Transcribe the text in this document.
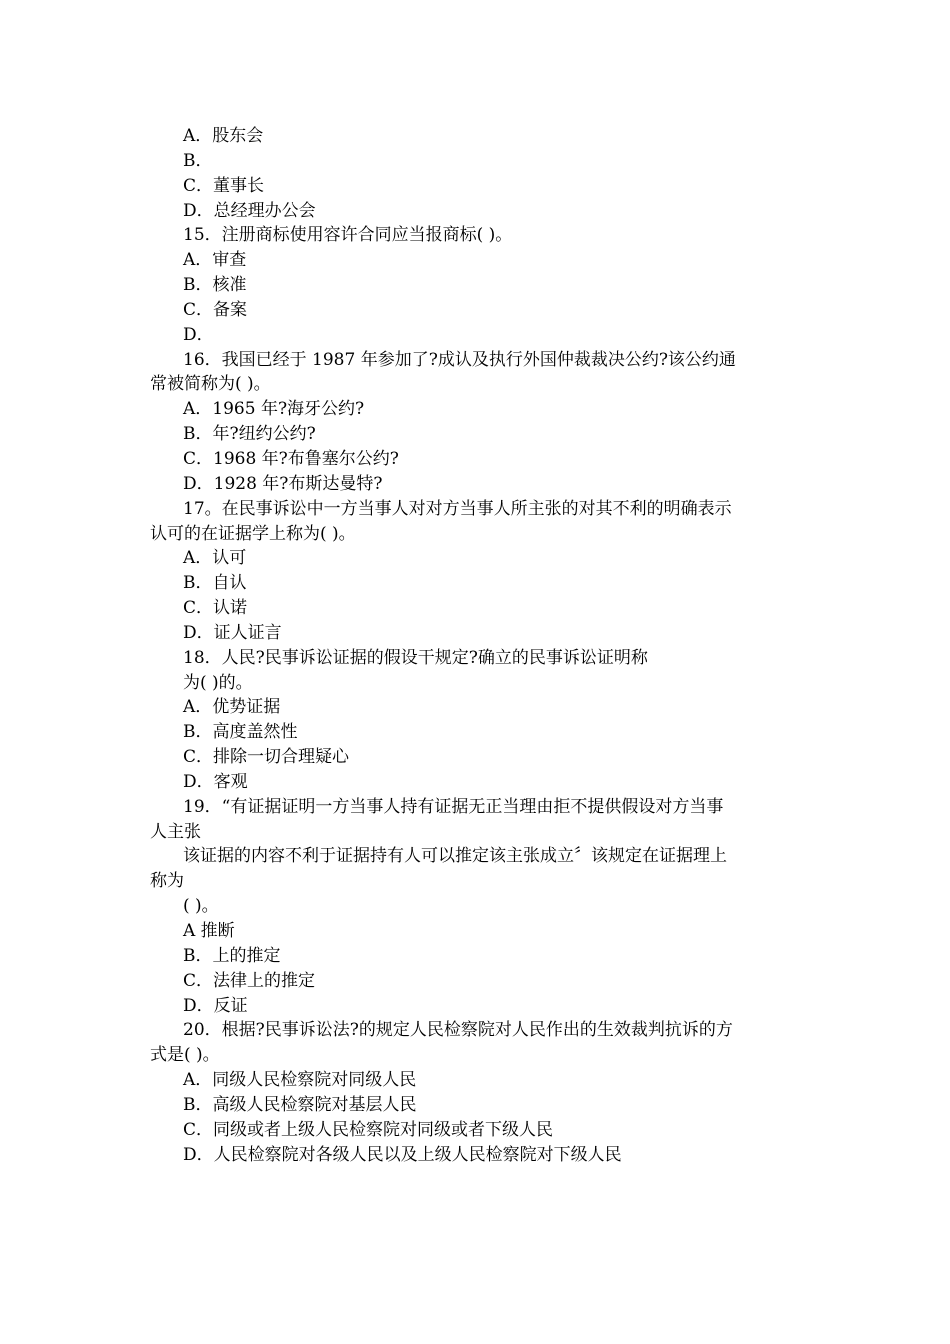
A．股东会

B．

C．董事长

D．总经理办公会

15．注册商标使用容许合同应当报商标( )。

A．审查

B．核准

C．备案

D．

16．我国已经于 1987 年参加了?成认及执行外国仲裁裁决公约?该公约通

常被简称为( )。

A．1965 年?海牙公约?

B．年?纽约公约?

C．1968 年?布鲁塞尔公约?

D．1928 年?布斯达曼特?

17。在民事诉讼中一方当事人对对方当事人所主张的对其不利的明确表示

认可的在证据学上称为( )。

A．认可

B．自认

C．认诺

D．证人证言

18．人民?民事诉讼证据的假设干规定?确立的民事诉讼证明称

为( )的。

A．优势证据

B．高度盖然性

C．排除一切合理疑心

D．客观

19．“有证据证明一方当事人持有证据无正当理由拒不提供假设对方当事

人主张

该证据的内容不利于证据持有人可以推定该主张成立〞该规定在证据理上

称为

( )。

A 推断

B．上的推定

C．法律上的推定

D．反证

20．根据?民事诉讼法?的规定人民检察院对人民作出的生效裁判抗诉的方

式是( )。

A．同级人民检察院对同级人民

B．高级人民检察院对基层人民

C．同级或者上级人民检察院对同级或者下级人民

D．人民检察院对各级人民以及上级人民检察院对下级人民
